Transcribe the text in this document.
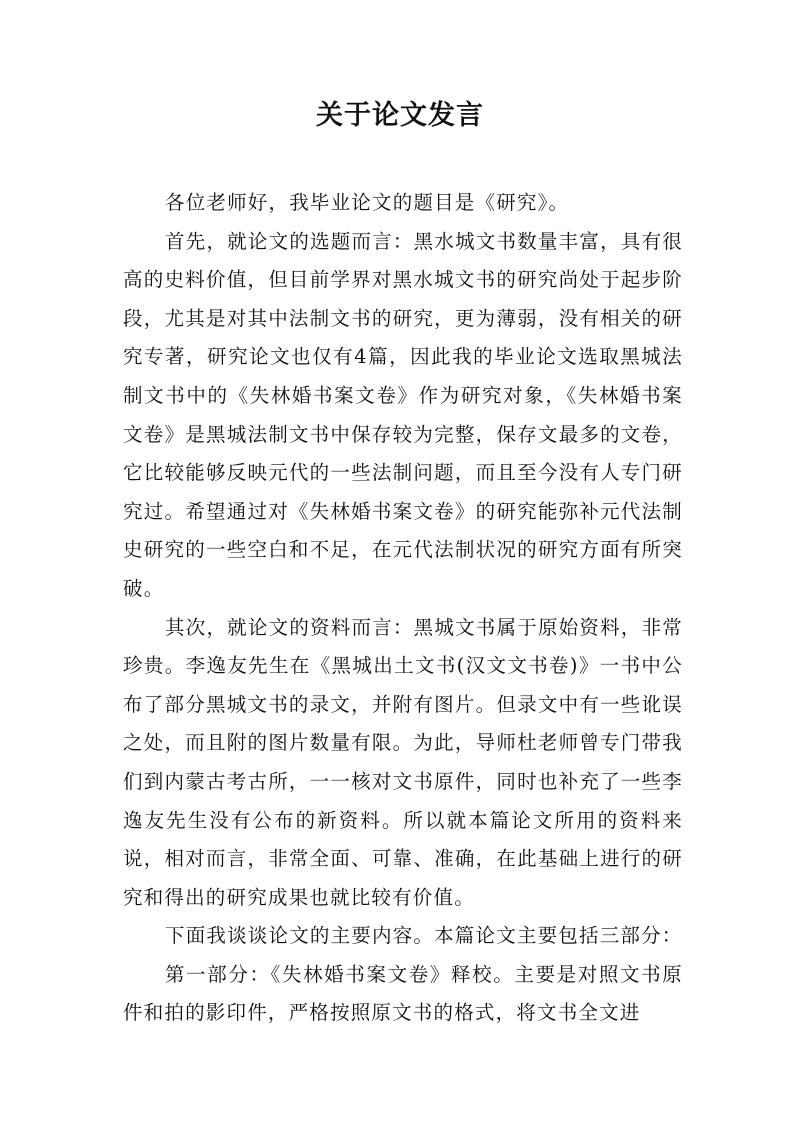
关于论文发言

各位老师好，我毕业论文的题目是《研究》。

首先，就论文的选题而言：黑水城文书数量丰富，具有很高的史料价值，但目前学界对黑水城文书的研究尚处于起步阶段，尤其是对其中法制文书的研究，更为薄弱，没有相关的研究专著，研究论文也仅有4篇，因此我的毕业论文选取黑城法制文书中的《失林婚书案文卷》作为研究对象，《失林婚书案文卷》是黑城法制文书中保存较为完整，保存文最多的文卷，它比较能够反映元代的一些法制问题，而且至今没有人专门研究过。希望通过对《失林婚书案文卷》的研究能弥补元代法制史研究的一些空白和不足，在元代法制状况的研究方面有所突破。

其次，就论文的资料而言：黑城文书属于原始资料，非常珍贵。李逸友先生在《黑城出土文书(汉文文书卷)》一书中公布了部分黑城文书的录文，并附有图片。但录文中有一些讹误之处，而且附的图片数量有限。为此，导师杜老师曾专门带我们到内蒙古考古所，一一核对文书原件，同时也补充了一些李逸友先生没有公布的新资料。所以就本篇论文所用的资料来说，相对而言，非常全面、可靠、准确，在此基础上进行的研究和得出的研究成果也就比较有价值。

下面我谈谈论文的主要内容。本篇论文主要包括三部分：

第一部分：《失林婚书案文卷》释校。主要是对照文书原件和拍的影印件，严格按照原文书的格式，将文书全文进
